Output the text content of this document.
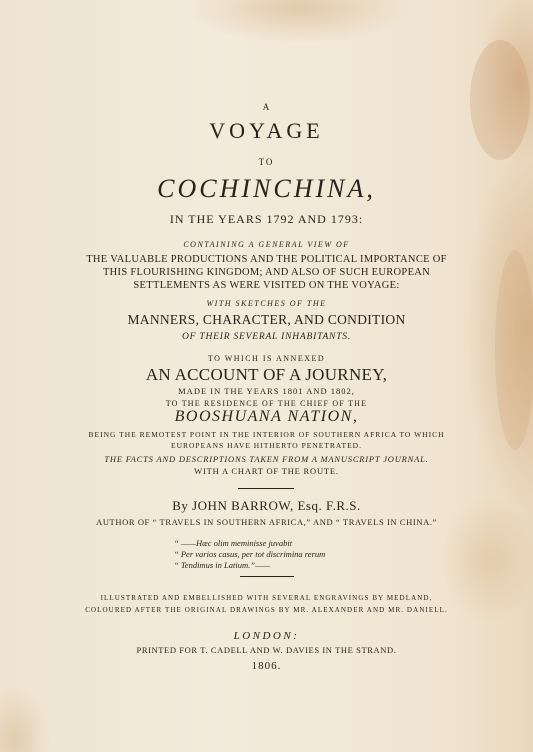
A
VOYAGE
TO
COCHINCHINA,
IN THE YEARS 1792 AND 1793:
CONTAINING A GENERAL VIEW OF
THE VALUABLE PRODUCTIONS AND THE POLITICAL IMPORTANCE OF
THIS FLOURISHING KINGDOM; AND ALSO OF SUCH EUROPEAN
SETTLEMENTS AS WERE VISITED ON THE VOYAGE:
WITH SKETCHES OF THE
MANNERS, CHARACTER, AND CONDITION
OF THEIR SEVERAL INHABITANTS.
TO WHICH IS ANNEXED
AN ACCOUNT OF A JOURNEY,
MADE IN THE YEARS 1801 AND 1802,
TO THE RESIDENCE OF THE CHIEF OF THE
BOOSHUANA NATION,
BEING THE REMOTEST POINT IN THE INTERIOR OF SOUTHERN AFRICA TO WHICH
EUROPEANS HAVE HITHERTO PENETRATED.
THE FACTS AND DESCRIPTIONS TAKEN FROM A MANUSCRIPT JOURNAL.
WITH A CHART OF THE ROUTE.
By JOHN BARROW, Esq. F.R.S.
AUTHOR OF “ TRAVELS IN SOUTHERN AFRICA,” AND “ TRAVELS IN CHINA.”
“ ——Hæc olim meminisse juvabit
“ Per varios casus, per tot discrimina rerum
“ Tendimus in Latium.”——
ILLUSTRATED AND EMBELLISHED WITH SEVERAL ENGRAVINGS BY MEDLAND,
COLOURED AFTER THE ORIGINAL DRAWINGS BY MR. ALEXANDER AND MR. DANIELL.
LONDON:
PRINTED FOR T. CADELL AND W. DAVIES IN THE STRAND.
1806.
